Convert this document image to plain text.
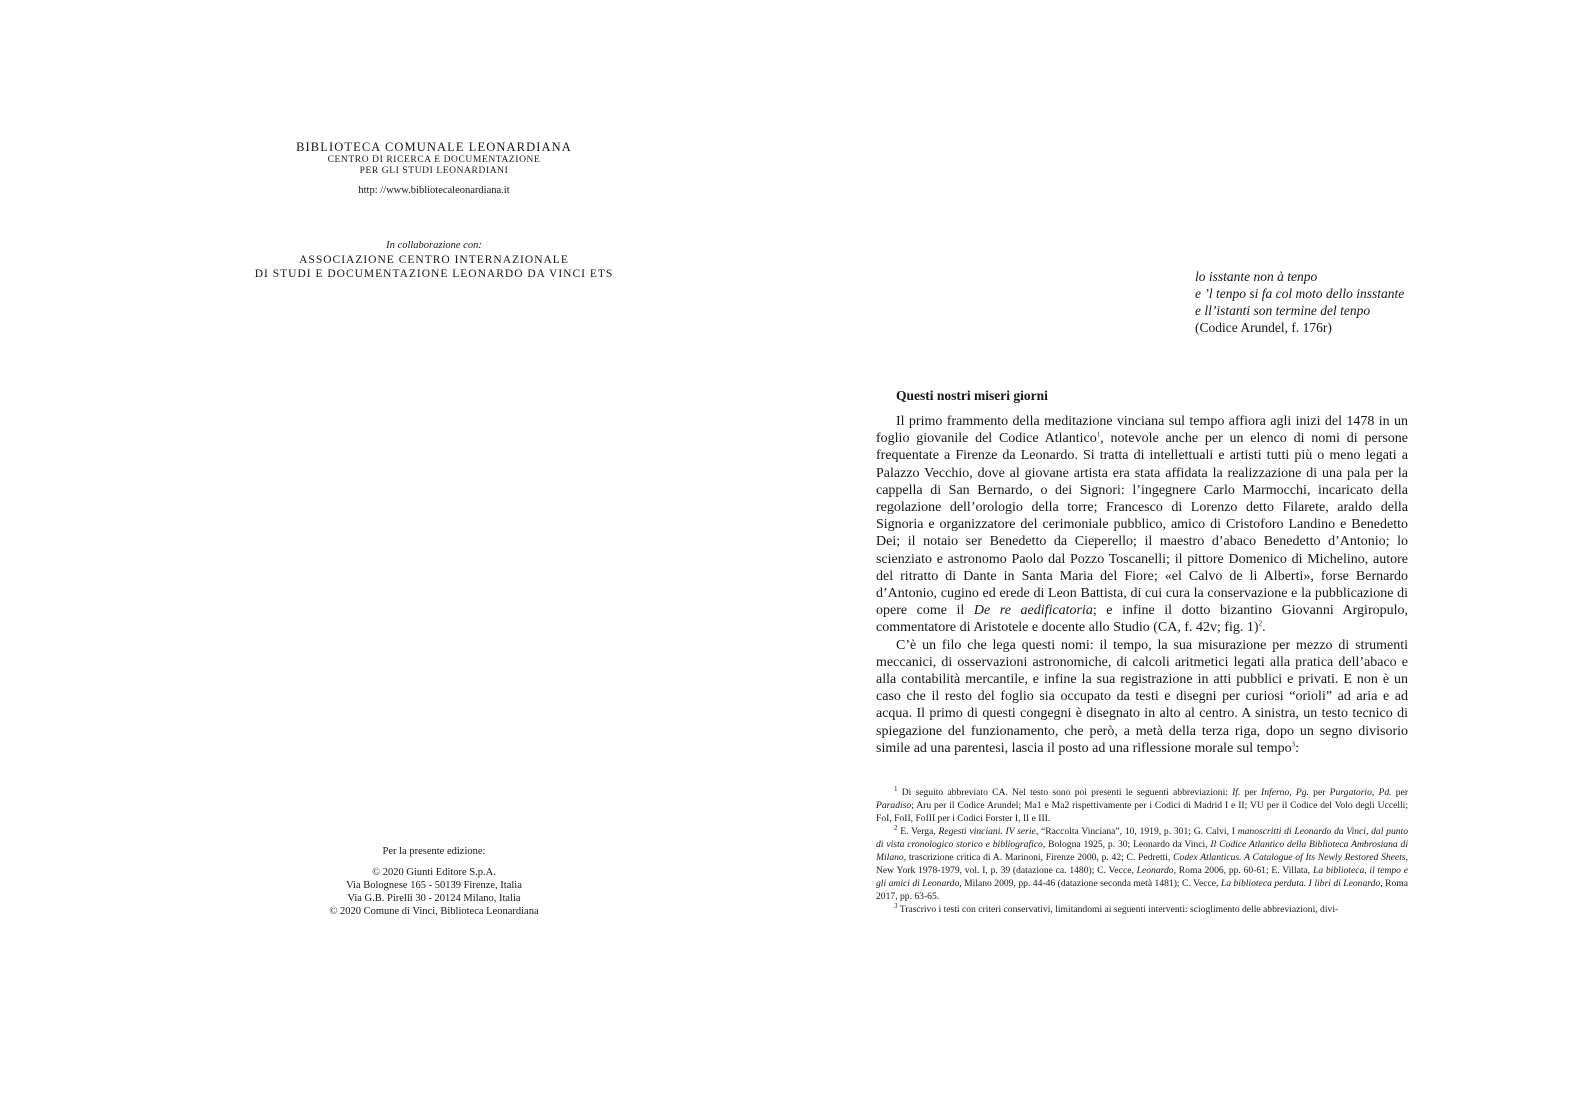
BIBLIOTECA COMUNALE LEONARDIANA
CENTRO DI RICERCA E DOCUMENTAZIONE
PER GLI STUDI LEONARDIANI
http: //www.bibliotecaleonardiana.it
In collaborazione con:
ASSOCIAZIONE CENTRO INTERNAZIONALE
DI STUDI E DOCUMENTAZIONE LEONARDO DA VINCI ETS
Per la presente edizione:
© 2020 Giunti Editore S.p.A.
Via Bolognese 165 - 50139 Firenze, Italia
Via G.B. Pirelli 30 - 20124 Milano, Italia
© 2020 Comune di Vinci, Biblioteca Leonardiana
lo isstante non à tenpo
e ’l tenpo si fa col moto dello insstante
e ll’istanti son termine del tenpo
(Codice Arundel, f. 176r)
Questi nostri miseri giorni

Il primo frammento della meditazione vinciana sul tempo affiora agli inizi del 1478 in un foglio giovanile del Codice Atlantico$^1$, notevole anche per un elenco di nomi di persone frequentate a Firenze da Leonardo. Si tratta di intellettuali e artisti tutti più o meno legati a Palazzo Vecchio, dove al giovane artista era stata affidata la realizzazione di una pala per la cappella di San Bernardo, o dei Signori: l’ingegnere Carlo Marmocchi, incaricato della regolazione dell’orologio della torre; Francesco di Lorenzo detto Filarete, araldo della Signoria e organizzatore del cerimoniale pubblico, amico di Cristoforo Landino e Benedetto Dei; il notaio ser Benedetto da Cieperello; il maestro d’abaco Benedetto d’Antonio; lo scienziato e astronomo Paolo dal Pozzo Toscanelli; il pittore Domenico di Michelino, autore del ritratto di Dante in Santa Maria del Fiore; «el Calvo de li Alberti», forse Bernardo d’Antonio, cugino ed erede di Leon Battista, di cui cura la conservazione e la pubblicazione di opere come il De re aedificatoria; e infine il dotto bizantino Giovanni Argiropulo, commentatore di Aristotele e docente allo Studio (CA, f. 42v; fig. 1)$^2$.

C’è un filo che lega questi nomi: il tempo, la sua misurazione per mezzo di strumenti meccanici, di osservazioni astronomiche, di calcoli aritmetici legati alla pratica dell’abaco e alla contabilità mercantile, e infine la sua registrazione in atti pubblici e privati. E non è un caso che il resto del foglio sia occupato da testi e disegni per curiosi “orioli” ad aria e ad acqua. Il primo di questi congegni è disegnato in alto al centro. A sinistra, un testo tecnico di spiegazione del funzionamento, che però, a metà della terza riga, dopo un segno divisorio simile ad una parentesi, lascia il posto ad una riflessione morale sul tempo$^3$:

$^1$ Di seguito abbreviato CA. Nel testo sono poi presenti le seguenti abbreviazioni: If. per Inferno, Pg. per Purgatorio, Pd. per Paradiso; Aru per il Codice Arundel; Ma1 e Ma2 rispettivamente per i Codici di Madrid I e II; VU per il Codice del Volo degli Uccelli; FoI, FoII, FoIII per i Codici Forster I, II e III.

$^2$ E. Verga, Regesti vinciani. IV serie, “Raccolta Vinciana”, 10, 1919, p. 301; G. Calvi, I manoscritti di Leonardo da Vinci, dal punto di vista cronologico storico e bibliografico, Bologna 1925, p. 30; Leonardo da Vinci, Il Codice Atlantico della Biblioteca Ambrosiana di Milano, trascrizione critica di A. Marinoni, Firenze 2000, p. 42; C. Pedretti, Codex Atlanticus. A Catalogue of Its Newly Restored Sheets, New York 1978-1979, vol. I, p. 39 (datazione ca. 1480); C. Vecce, Leonardo, Roma 2006, pp. 60-61; E. Villata, La biblioteca, il tempo e gli amici di Leonardo, Milano 2009, pp. 44-46 (datazione seconda metà 1481); C. Vecce, La biblioteca perduta. I libri di Leonardo, Roma 2017, pp. 63-65.

$^3$ Trascrivo i testi con criteri conservativi, limitandomi ai seguenti interventi: scioglimento delle abbreviazioni, divi-
